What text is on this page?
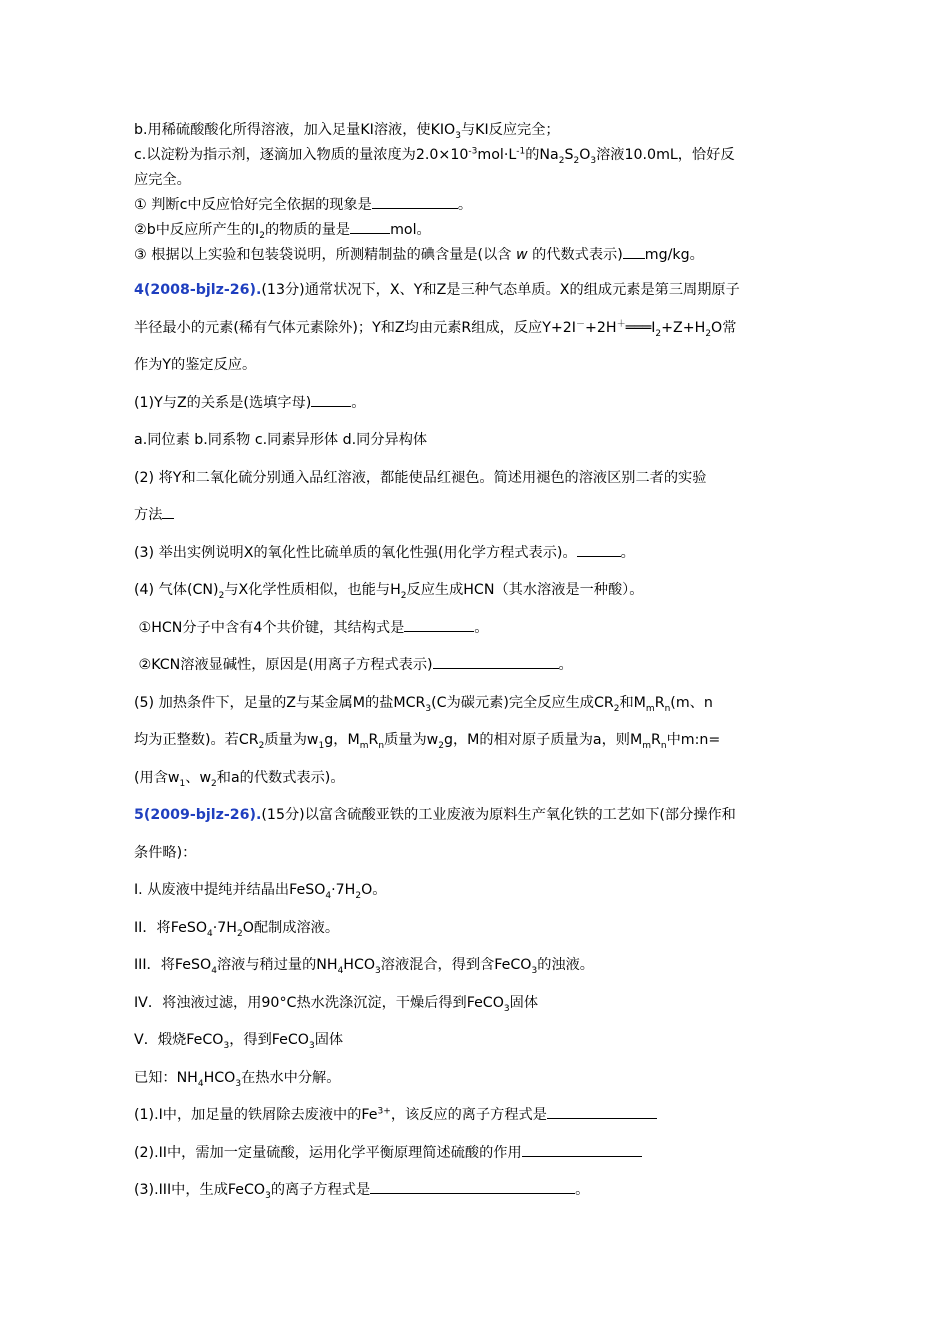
b.用稀硫酸酸化所得溶液，加入足量KI溶液，使$KIO_3$与KI反应完全；
c.以淀粉为指示剂，逐滴加入物质的量浓度为$2.0\times 10^{-3}mol\cdot L^{-1}$的$Na_2S_2O_3$溶液10.0mL，恰好反
应完全。
① 判断c中反应恰好完全依据的现象是	。
②b中反应所产生的$I_2$的物质的量是	mol。
③ 根据以上实验和包装袋说明，所测精制盐的碘含量是(以含 w 的代数式表示) mg/kg。
4(2008-bjlz-26).(13分)通常状况下，X、Y和Z是三种气态单质。X的组成元素是第三周期原子
半径最小的元素(稀有气体元素除外)；Y和Z均由元素R组成，反应$Y+2I^-+2H^+═══I_2+Z+H_2O$常
作为Y的鉴定反应。
(1)Y与Z的关系是(选填字母)	。
a.同位素 b.同系物 c.同素异形体 d.同分异构体
(2) 将Y和二氧化硫分别通入品红溶液，都能使品红褪色。简述用褪色的溶液区别二者的实验
方法
(3) 举出实例说明X的氧化性比硫单质的氧化性强(用化学方程式表示)。	。
(4) 气体$(CN)_2$与X化学性质相似，也能与$H_2$反应生成HCN（其水溶液是一种酸）。
①HCN分子中含有4个共价键，其结构式是	。
②KCN溶液显碱性，原因是(用离子方程式表示)	。
(5) 加热条件下，足量的Z与某金属M的盐$MCR_3(C$为碳元素)完全反应生成$CR_2$和$M_mR_n(m$、n
均为正整数)。若$CR_2$质量为$w_1g$，$M_mR_n$质量为$w_2g$，M的相对原子质量为a，则$M_mR_n$中m:n=
(用含$w_1$、$w_2$和a的代数式表示)。
5(2009-bjlz-26).(15分)以富含硫酸亚铁的工业废液为原料生产氧化铁的工艺如下(部分操作和
条件略)：
I. 从废液中提纯并结晶出$FeSO_4\cdot 7H_2O$。
II．将$FeSO_4\cdot 7H_2O$配制成溶液。
III．将FeSO$_4$溶液与稍过量的$NH_4HCO_3$溶液混合，得到含FeCO$_3$的浊液。
IV．将浊液过滤，用90°C热水洗涤沉淀，干燥后得到FeCO$_3$固体
V．煅烧FeCO$_3$，得到FeCO$_3$固体
已知：$NH_4HCO_3$在热水中分解。
(1).I中，加足量的铁屑除去废液中的$Fe^{3+}$，该反应的离子方程式是
(2).II中，需加一定量硫酸，运用化学平衡原理简述硫酸的作用
(3).III中，生成FeCO$_3$的离子方程式是	。
